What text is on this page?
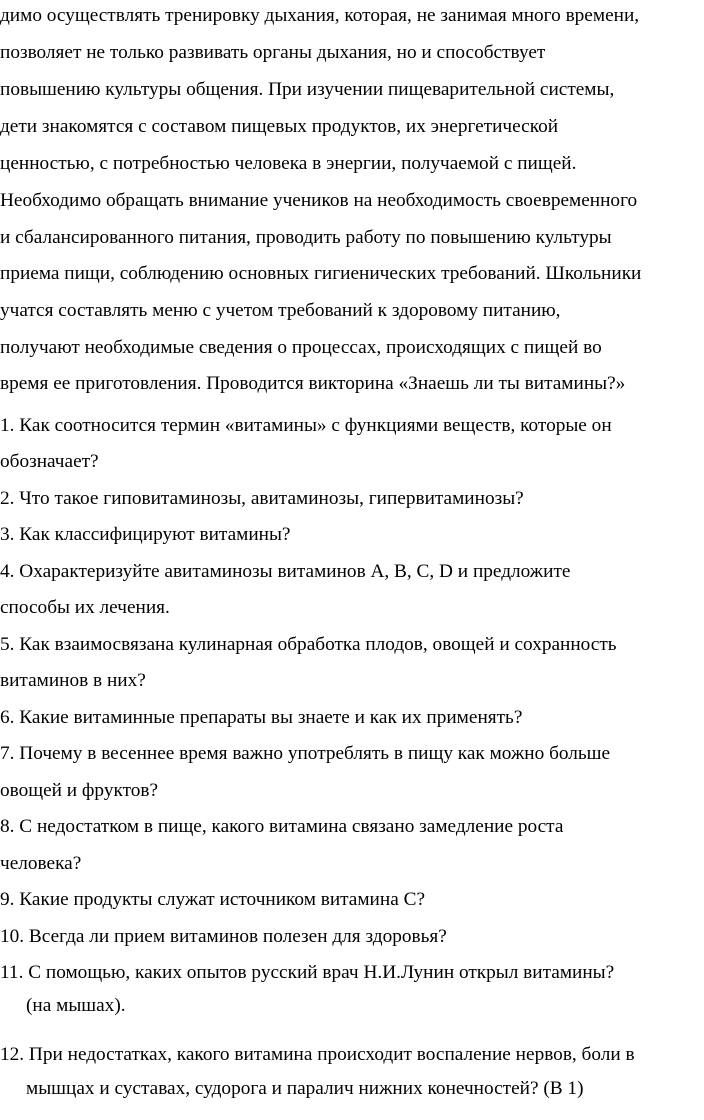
димо осуществлять тренировку дыхания, которая, не занимая много времени,
позволяет не только развивать органы дыхания, но и способствует
повышению культуры общения. При изучении пищеварительной системы,
дети знакомятся с составом пищевых продуктов, их энергетической
ценностью, с потребностью человека в энергии, получаемой с пищей.
Необходимо обращать внимание учеников на необходимость своевременного
и сбалансированного питания, проводить работу по повышению культуры
приема пищи, соблюдению основных гигиенических требований. Школьники
учатся составлять меню с учетом требований к здоровому питанию,
получают необходимые сведения о процессах, происходящих с пищей во
время ее приготовления. Проводится викторина «Знаешь ли ты витамины?»
1. Как соотносится термин «витамины» с функциями веществ, которые он
обозначает?
2. Что такое гиповитаминозы, авитаминозы, гипервитаминозы?
3. Как классифицируют витамины?
4. Охарактеризуйте авитаминозы витаминов А, В, С, D и предложите
способы их лечения.
5. Как взаимосвязана кулинарная обработка плодов, овощей и сохранность
витаминов в них?
6. Какие витаминные препараты вы знаете и как их применять?
7. Почему в весеннее время важно употреблять в пищу как можно больше
овощей и фруктов?
8. С недостатком в пище, какого витамина связано замедление роста
человека?
9. Какие продукты служат источником витамина С?
10. Всегда ли прием витаминов полезен для здоровья?
11. С помощью, каких опытов русский врач Н.И.Лунин открыл витамины?
(на мышах).
12. При недостатках, какого витамина происходит воспаление нервов, боли в
мышцах и суставах, судорога и паралич нижних конечностей? (В 1)
